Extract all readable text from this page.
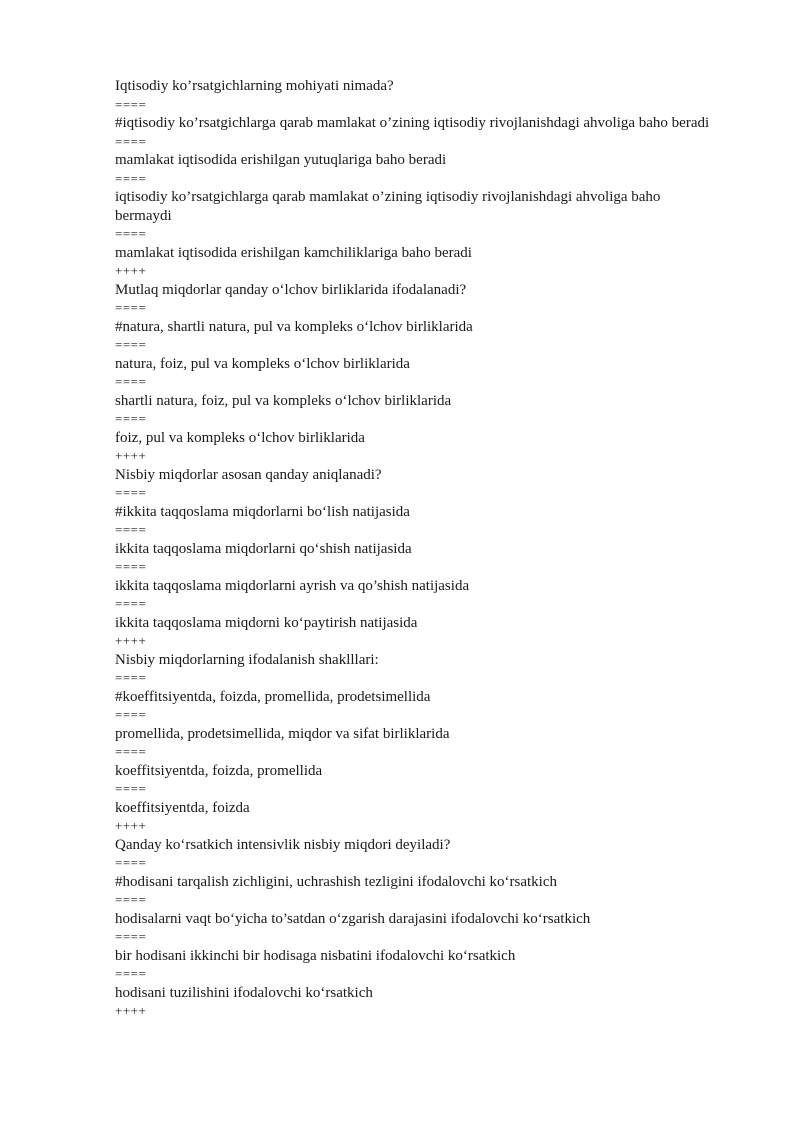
Iqtisodiy ko’rsatgichlarning mohiyati nimada?

====

#iqtisodiy ko’rsatgichlarga qarab mamlakat o’zining iqtisodiy rivojlanishdagi ahvoliga baho beradi

====

mamlakat iqtisodida erishilgan yutuqlariga baho beradi

====

iqtisodiy ko’rsatgichlarga qarab mamlakat o’zining iqtisodiy rivojlanishdagi ahvoliga baho bermaydi

====

mamlakat iqtisodida erishilgan kamchiliklariga baho beradi

++++

Mutlaq miqdorlar qanday oʻlchov birliklarida ifodalanadi?

====

#natura, shartli natura, pul va kompleks oʻlchov birliklarida

====

natura, foiz, pul va kompleks oʻlchov birliklarida

====

shartli natura, foiz, pul va kompleks oʻlchov birliklarida

====

foiz, pul va kompleks oʻlchov birliklarida

++++

Nisbiy miqdorlar asosan qanday aniqlanadi?

====

#ikkita taqqoslama miqdorlarni boʻlish natijasida

====

ikkita taqqoslama miqdorlarni qoʻshish natijasida

====

ikkita taqqoslama miqdorlarni ayrish va qo’shish natijasida

====

ikkita taqqoslama miqdorni koʻpaytirish natijasida

++++

Nisbiy miqdorlarning ifodalanish shaklllari:

====

#koeffitsiyentda, foizda, promellida, prodetsimellida

====

promellida, prodetsimellida, miqdor va sifat birliklarida

====

koeffitsiyentda, foizda, promellida

====

koeffitsiyentda, foizda

++++

Qanday koʻrsatkich intensivlik nisbiy miqdori deyiladi?

====

#hodisani tarqalish zichligini, uchrashish tezligini ifodalovchi koʻrsatkich

====

hodisalarni vaqt boʻyicha to’satdan oʻzgarish darajasini ifodalovchi koʻrsatkich

====

bir hodisani ikkinchi bir hodisaga nisbatini ifodalovchi koʻrsatkich

====

hodisani tuzilishini ifodalovchi koʻrsatkich

++++
